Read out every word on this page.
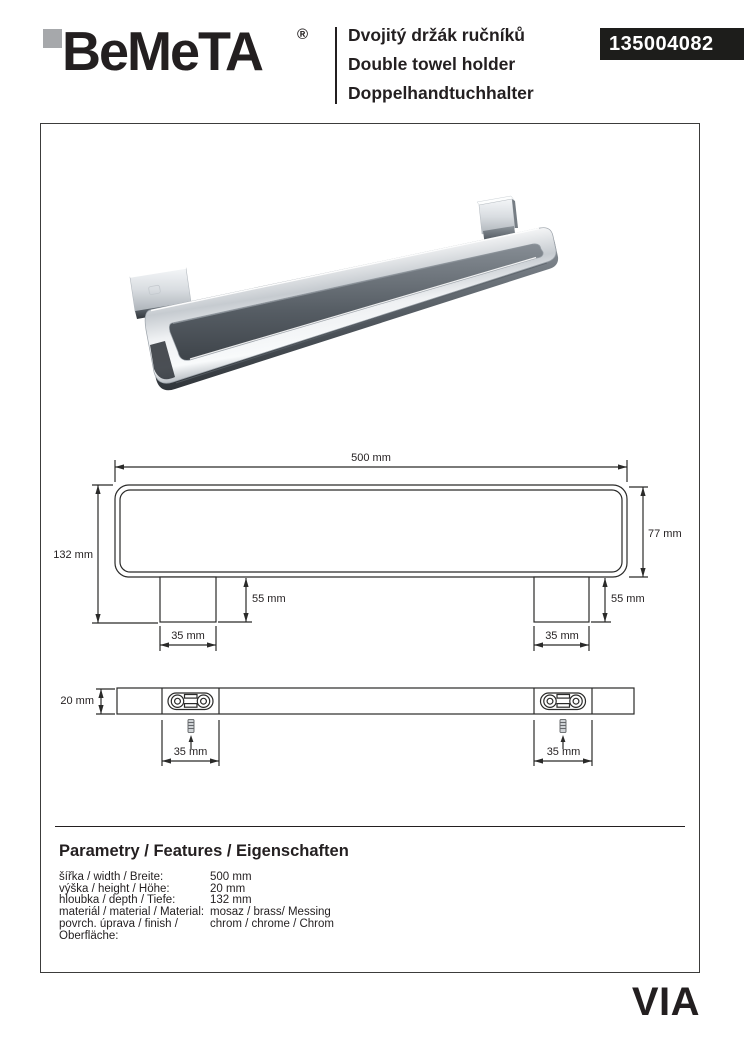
BeMeTA ® Dvojitý držák ručníků
Double towel holder
Doppelhandtuchhalter
135004082
500 mm
132 mm
77 mm
55 mm	55 mm
35 mm	35 mm
20 mm
35 mm	35 mm
Parametry / Features / Eigenschaften
šířka / width / Breite:	500 mm
výška / height / Höhe:	20 mm
hloubka / depth / Tiefe:	132 mm
materiál / material / Material: mosaz / brass/ Messing
povrch. úprava / finish / Oberfläche:
chrom / chrome / Chrom
VIA
